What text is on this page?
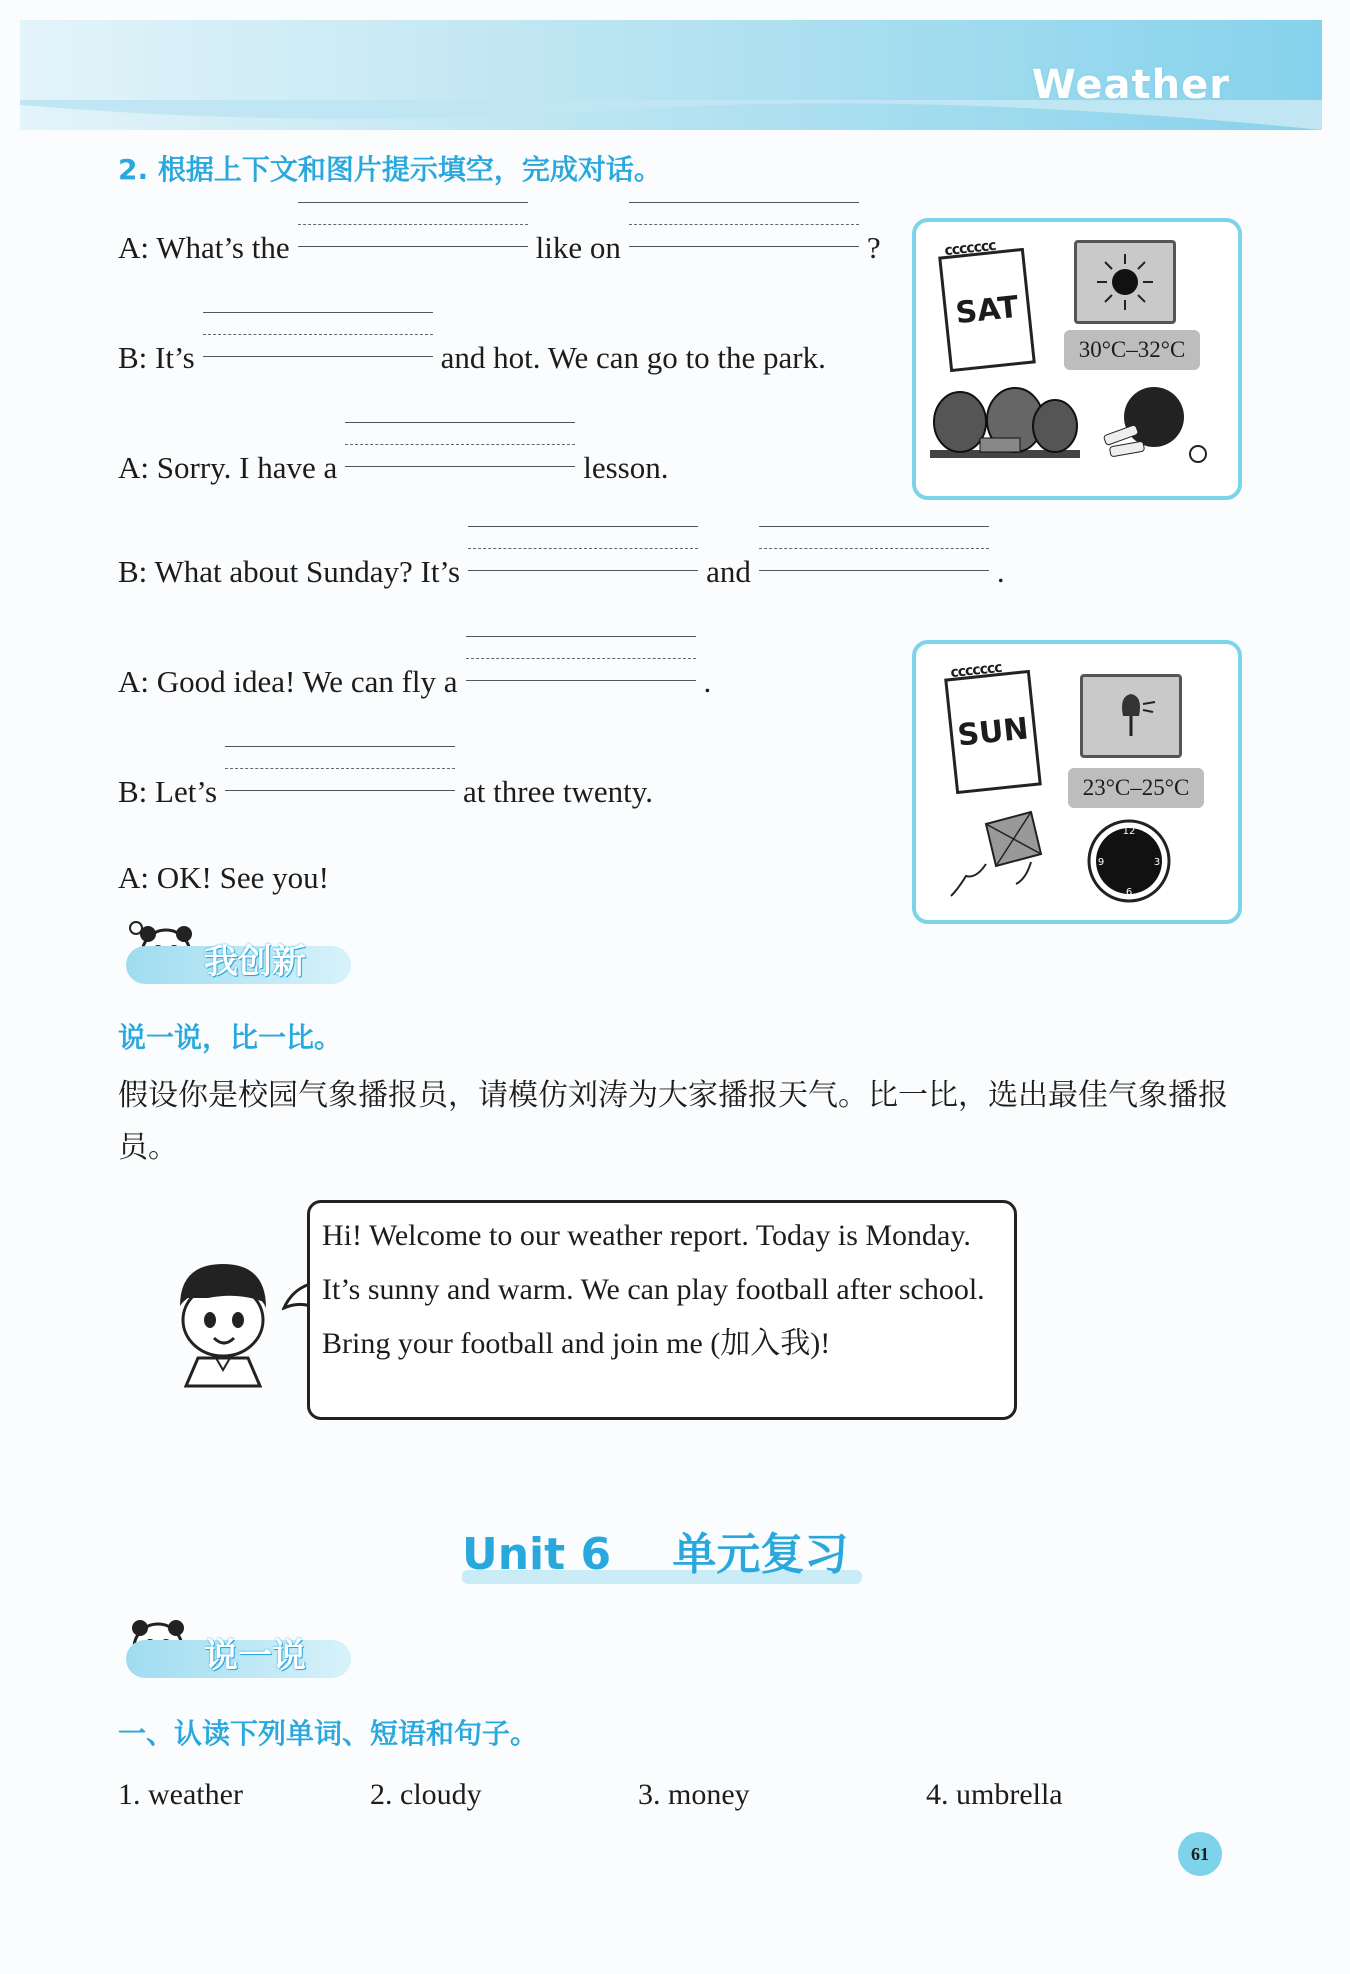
Weather
2. 根据上下文和图片提示填空，完成对话。
A: What’s the	like on	?
B: It’s	and hot. We can go to the park.
A: Sorry. I have a	lesson.
B: What about Sunday? It’s	and	.
A: Good idea! We can fly a	.
B: Let’s	at three twenty.
A: OK! See you!
ccccccc SAT
30°C–32°C
ccccccc SUN
23°C–25°C
12
3
6
9
我创新
说一说，比一比。
假设你是校园气象播报员，请模仿刘涛为大家播报天气。比一比，选出最佳气象播报员。
Hi! Welcome to our weather report. Today is Monday. It’s sunny and warm. We can play football after school. Bring your football and join me (加入我)!
Unit 6    单元复习
说一说
一、认读下列单词、短语和句子。
1. weather	2. cloudy	3. money	4. umbrella
61
